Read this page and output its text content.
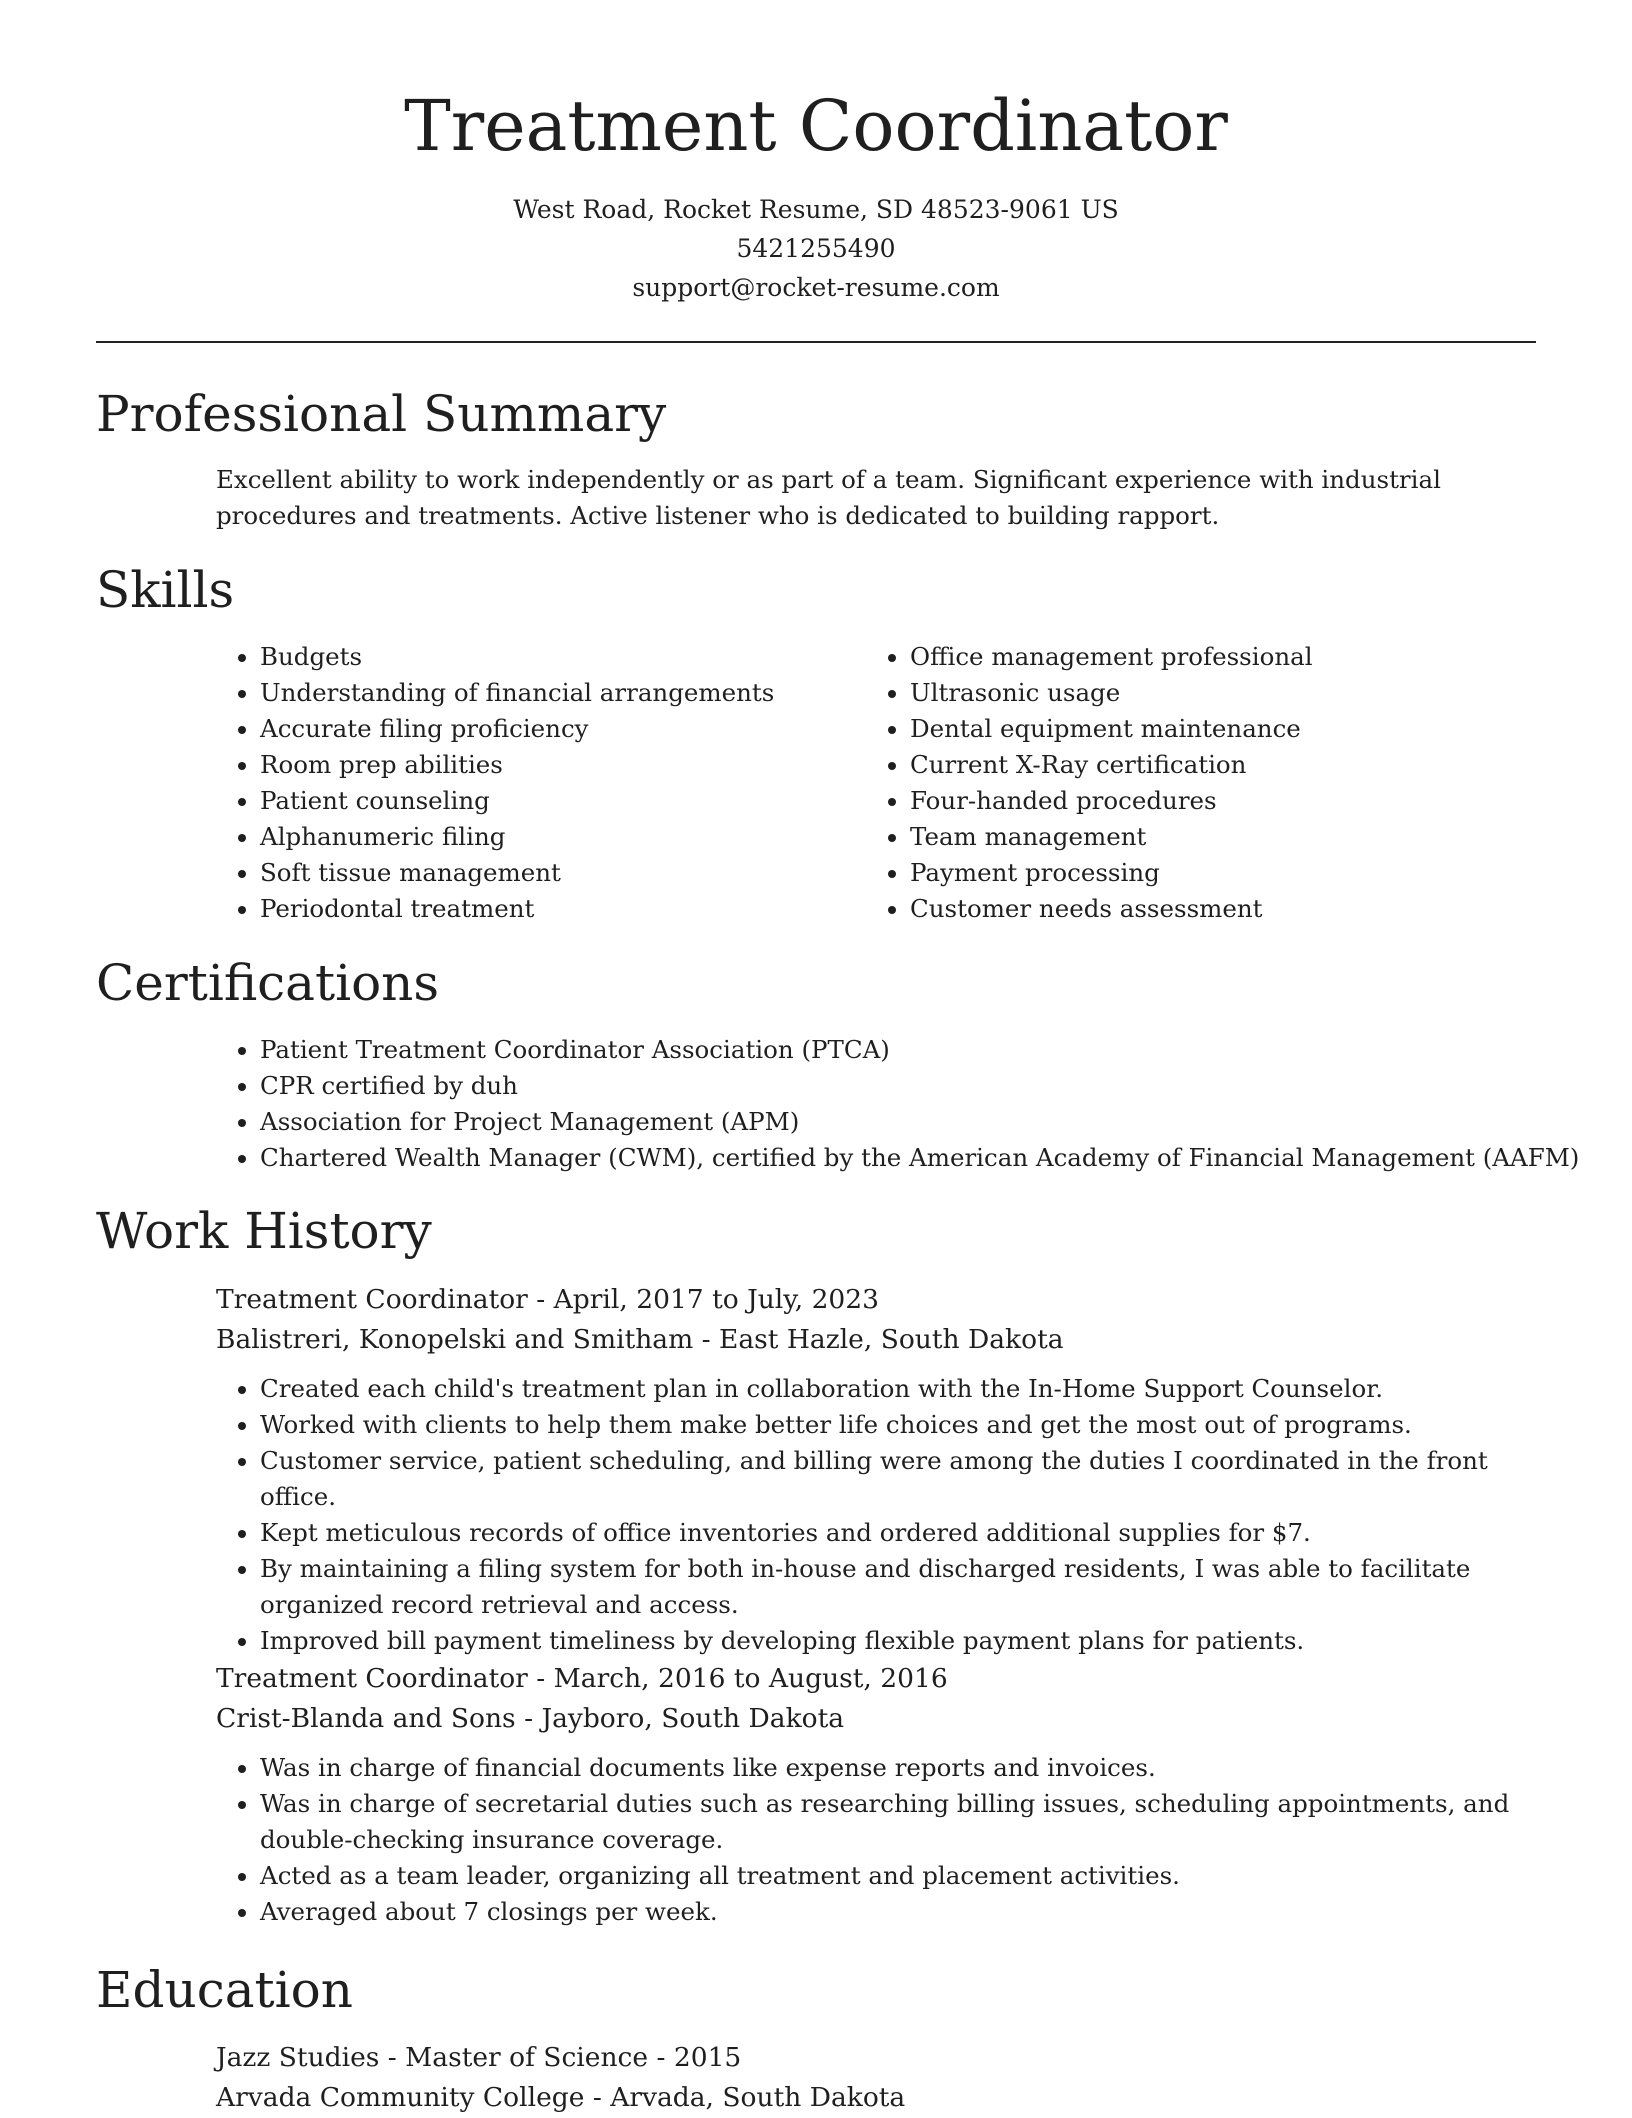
Treatment Coordinator
West Road, Rocket Resume, SD 48523-9061 US
5421255490
support@rocket-resume.com
Professional Summary

Excellent ability to work independently or as part of a team. Significant experience with industrial procedures and treatments. Active listener who is dedicated to building rapport.

Skills
• Budgets
• Understanding of financial arrangements
• Accurate filing proficiency
• Room prep abilities
• Patient counseling
• Alphanumeric filing
• Soft tissue management
• Periodontal treatment
• Office management professional
• Ultrasonic usage
• Dental equipment maintenance
• Current X-Ray certification
• Four-handed procedures
• Team management
• Payment processing
• Customer needs assessment
Certifications
• Patient Treatment Coordinator Association (PTCA)
• CPR certified by duh
• Association for Project Management (APM)
• Chartered Wealth Manager (CWM), certified by the American Academy of Financial Management (AAFM)
Work History
Treatment Coordinator - April, 2017 to July, 2023
Balistreri, Konopelski and Smitham - East Hazle, South Dakota
• Created each child's treatment plan in collaboration with the In-Home Support Counselor.
• Worked with clients to help them make better life choices and get the most out of programs.
• Customer service, patient scheduling, and billing were among the duties I coordinated in the front office.
• Kept meticulous records of office inventories and ordered additional supplies for $7.
• By maintaining a filing system for both in-house and discharged residents, I was able to facilitate organized record retrieval and access.
• Improved bill payment timeliness by developing flexible payment plans for patients.
Treatment Coordinator - March, 2016 to August, 2016
Crist-Blanda and Sons - Jayboro, South Dakota
• Was in charge of financial documents like expense reports and invoices.
• Was in charge of secretarial duties such as researching billing issues, scheduling appointments, and double-checking insurance coverage.
• Acted as a team leader, organizing all treatment and placement activities.
• Averaged about 7 closings per week.
Education
Jazz Studies - Master of Science - 2015
Arvada Community College - Arvada, South Dakota
